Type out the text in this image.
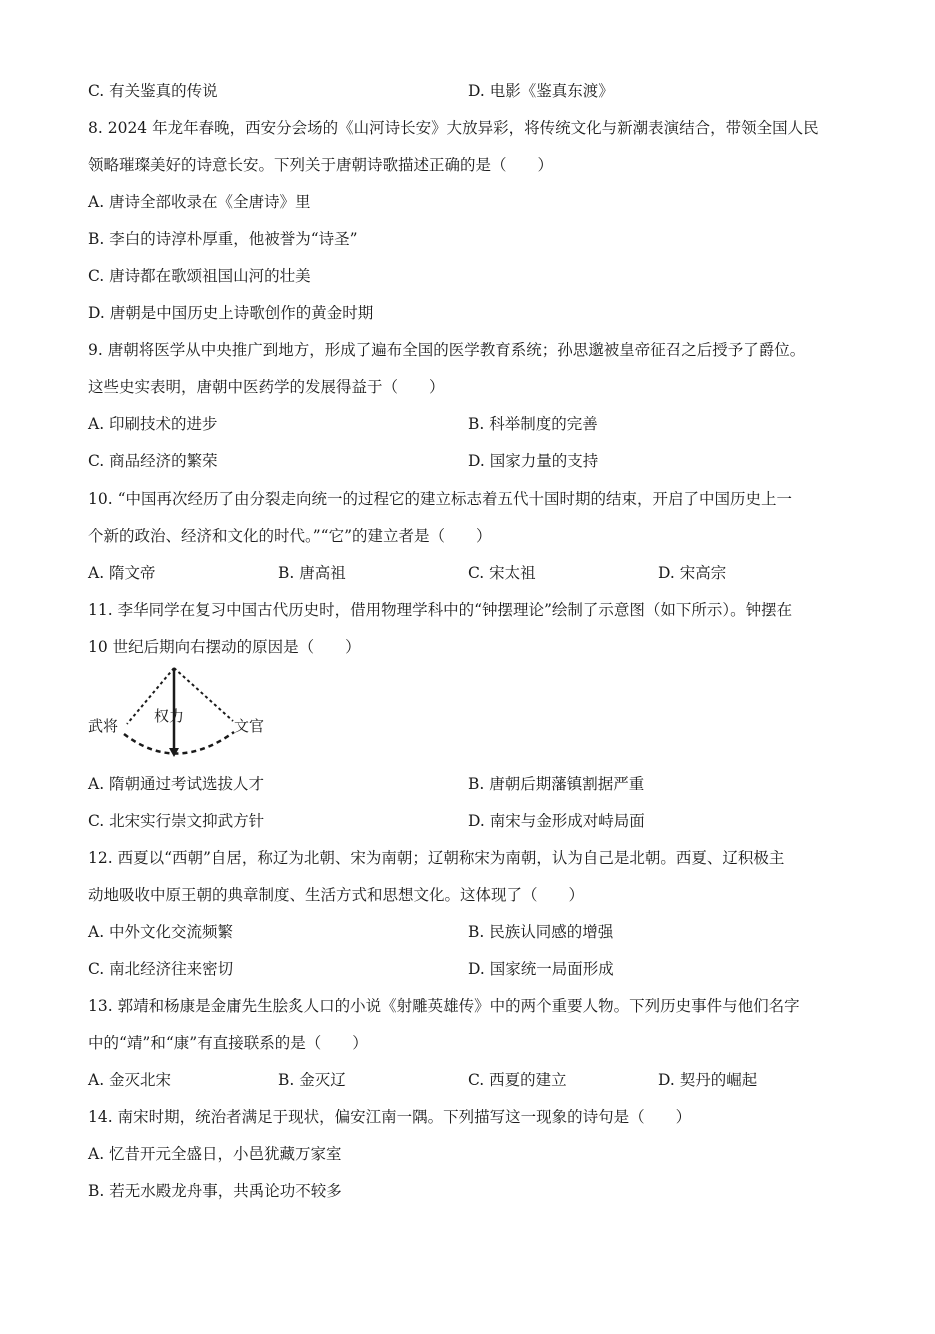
C. 有关鉴真的传说	D. 电影《鉴真东渡》
8. 2024 年龙年春晚，西安分会场的《山河诗长安》大放异彩，将传统文化与新潮表演结合，带领全国人民
领略璀璨美好的诗意长安。下列关于唐朝诗歌描述正确的是（　　）
A. 唐诗全部收录在《全唐诗》里
B. 李白的诗淳朴厚重，他被誉为“诗圣”
C. 唐诗都在歌颂祖国山河的壮美
D. 唐朝是中国历史上诗歌创作的黄金时期
9. 唐朝将医学从中央推广到地方，形成了遍布全国的医学教育系统；孙思邈被皇帝征召之后授予了爵位。
这些史实表明，唐朝中医药学的发展得益于（　　）
A. 印刷技术的进步	B. 科举制度的完善
C. 商品经济的繁荣	D. 国家力量的支持
10. “中国再次经历了由分裂走向统一的过程它的建立标志着五代十国时期的结束，开启了中国历史上一
个新的政治、经济和文化的时代。”“它”的建立者是（　　）
A. 隋文帝	B. 唐高祖	C. 宋太祖	D. 宋高宗
11. 李华同学在复习中国古代历史时，借用物理学科中的“钟摆理论”绘制了示意图（如下所示）。钟摆在
10 世纪后期向右摆动的原因是（　　）
武将
权力
文官
A. 隋朝通过考试选拔人才	B. 唐朝后期藩镇割据严重
C. 北宋实行崇文抑武方针	D. 南宋与金形成对峙局面
12. 西夏以“西朝”自居，称辽为北朝、宋为南朝；辽朝称宋为南朝，认为自己是北朝。西夏、辽积极主
动地吸收中原王朝的典章制度、生活方式和思想文化。这体现了（　　）
A. 中外文化交流频繁	B. 民族认同感的增强
C. 南北经济往来密切	D. 国家统一局面形成
13. 郭靖和杨康是金庸先生脍炙人口的小说《射雕英雄传》中的两个重要人物。下列历史事件与他们名字
中的“靖”和“康”有直接联系的是（　　）
A. 金灭北宋	B. 金灭辽	C. 西夏的建立	D. 契丹的崛起
14. 南宋时期，统治者满足于现状，偏安江南一隅。下列描写这一现象的诗句是（　　）
A. 忆昔开元全盛日，小邑犹藏万家室
B. 若无水殿龙舟事，共禹论功不较多
